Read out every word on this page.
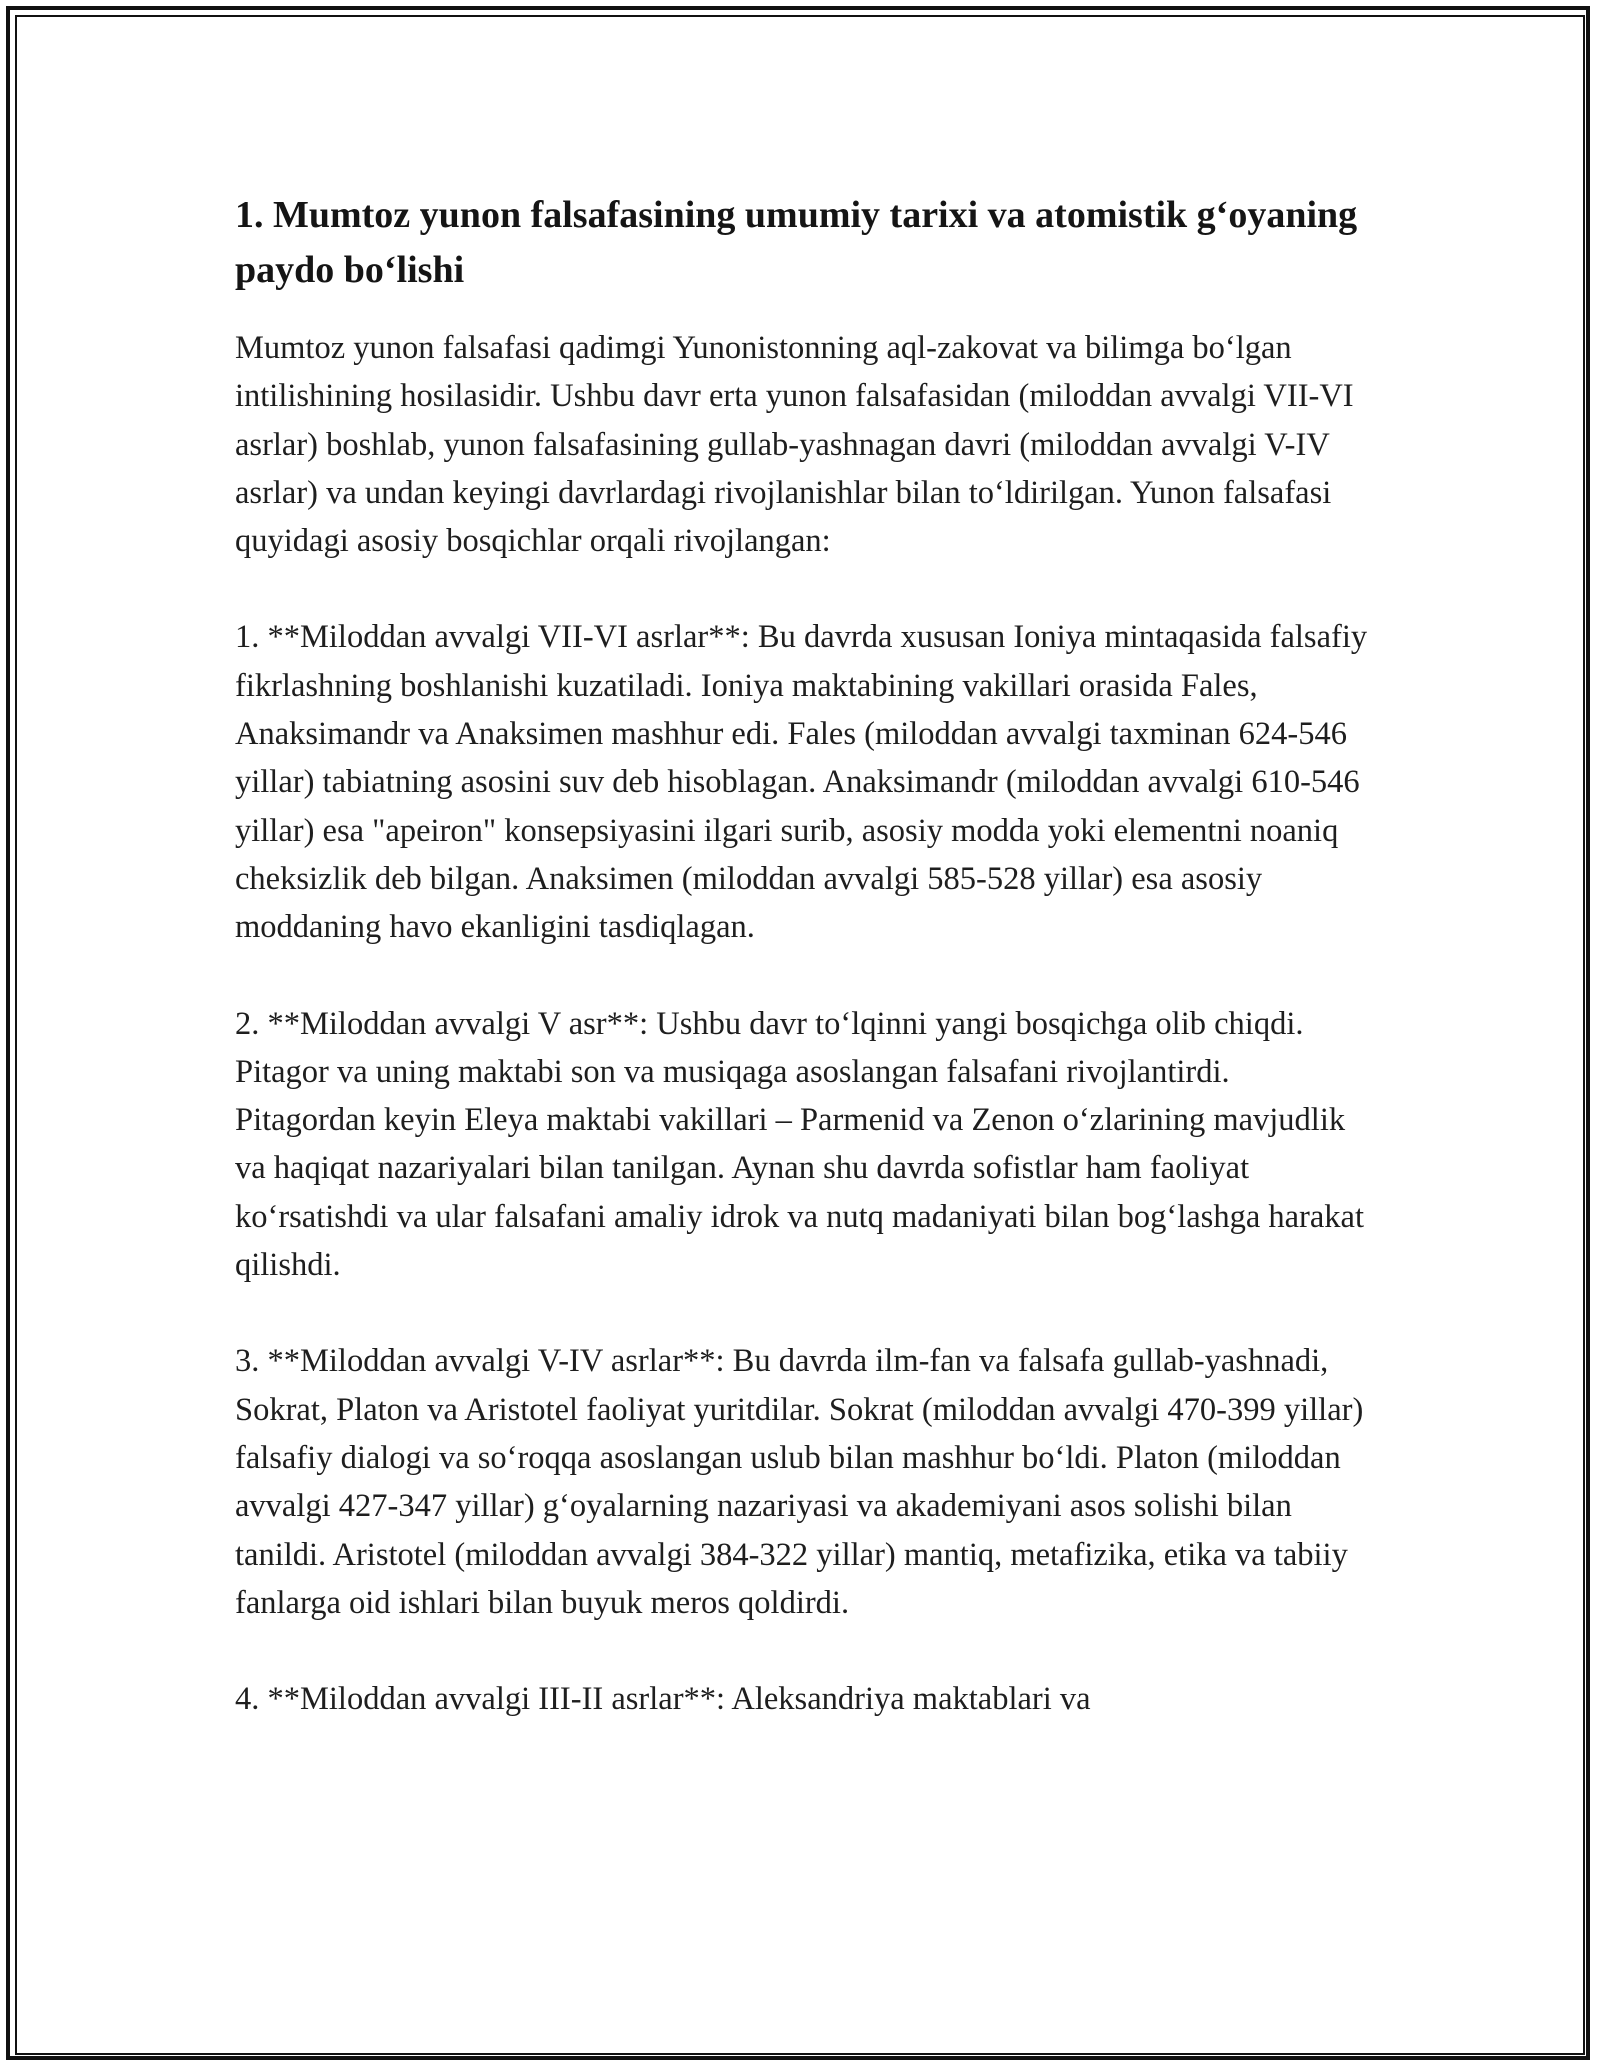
1. Mumtoz yunon falsafasining umumiy tarixi va atomistik g‘oyaning paydo bo‘lishi

Mumtoz yunon falsafasi qadimgi Yunonistonning aql-zakovat va bilimga bo‘lgan intilishining hosilasidir. Ushbu davr erta yunon falsafasidan (miloddan avvalgi VII-VI asrlar) boshlab, yunon falsafasining gullab-yashnagan davri (miloddan avvalgi V-IV asrlar) va undan keyingi davrlardagi rivojlanishlar bilan to‘ldirilgan. Yunon falsafasi quyidagi asosiy bosqichlar orqali rivojlangan:

1. **Miloddan avvalgi VII-VI asrlar**: Bu davrda xususan Ioniya mintaqasida falsafiy fikrlashning boshlanishi kuzatiladi. Ioniya maktabining vakillari orasida Fales, Anaksimandr va Anaksimen mashhur edi. Fales (miloddan avvalgi taxminan 624-546 yillar) tabiatning asosini suv deb hisoblagan. Anaksimandr (miloddan avvalgi 610-546 yillar) esa "apeiron" konsepsiyasini ilgari surib, asosiy modda yoki elementni noaniq cheksizlik deb bilgan. Anaksimen (miloddan avvalgi 585-528 yillar) esa asosiy moddaning havo ekanligini tasdiqlagan.

2. **Miloddan avvalgi V asr**: Ushbu davr to‘lqinni yangi bosqichga olib chiqdi. Pitagor va uning maktabi son va musiqaga asoslangan falsafani rivojlantirdi. Pitagordan keyin Eleya maktabi vakillari – Parmenid va Zenon o‘zlarining mavjudlik va haqiqat nazariyalari bilan tanilgan. Aynan shu davrda sofistlar ham faoliyat ko‘rsatishdi va ular falsafani amaliy idrok va nutq madaniyati bilan bog‘lashga harakat qilishdi.

3. **Miloddan avvalgi V-IV asrlar**: Bu davrda ilm-fan va falsafa gullab-yashnadi, Sokrat, Platon va Aristotel faoliyat yuritdilar. Sokrat (miloddan avvalgi 470-399 yillar) falsafiy dialogi va so‘roqqa asoslangan uslub bilan mashhur bo‘ldi. Platon (miloddan avvalgi 427-347 yillar) g‘oyalarning nazariyasi va akademiyani asos solishi bilan tanildi. Aristotel (miloddan avvalgi 384-322 yillar) mantiq, metafizika, etika va tabiiy fanlarga oid ishlari bilan buyuk meros qoldirdi.

4. **Miloddan avvalgi III-II asrlar**: Aleksandriya maktablari va
